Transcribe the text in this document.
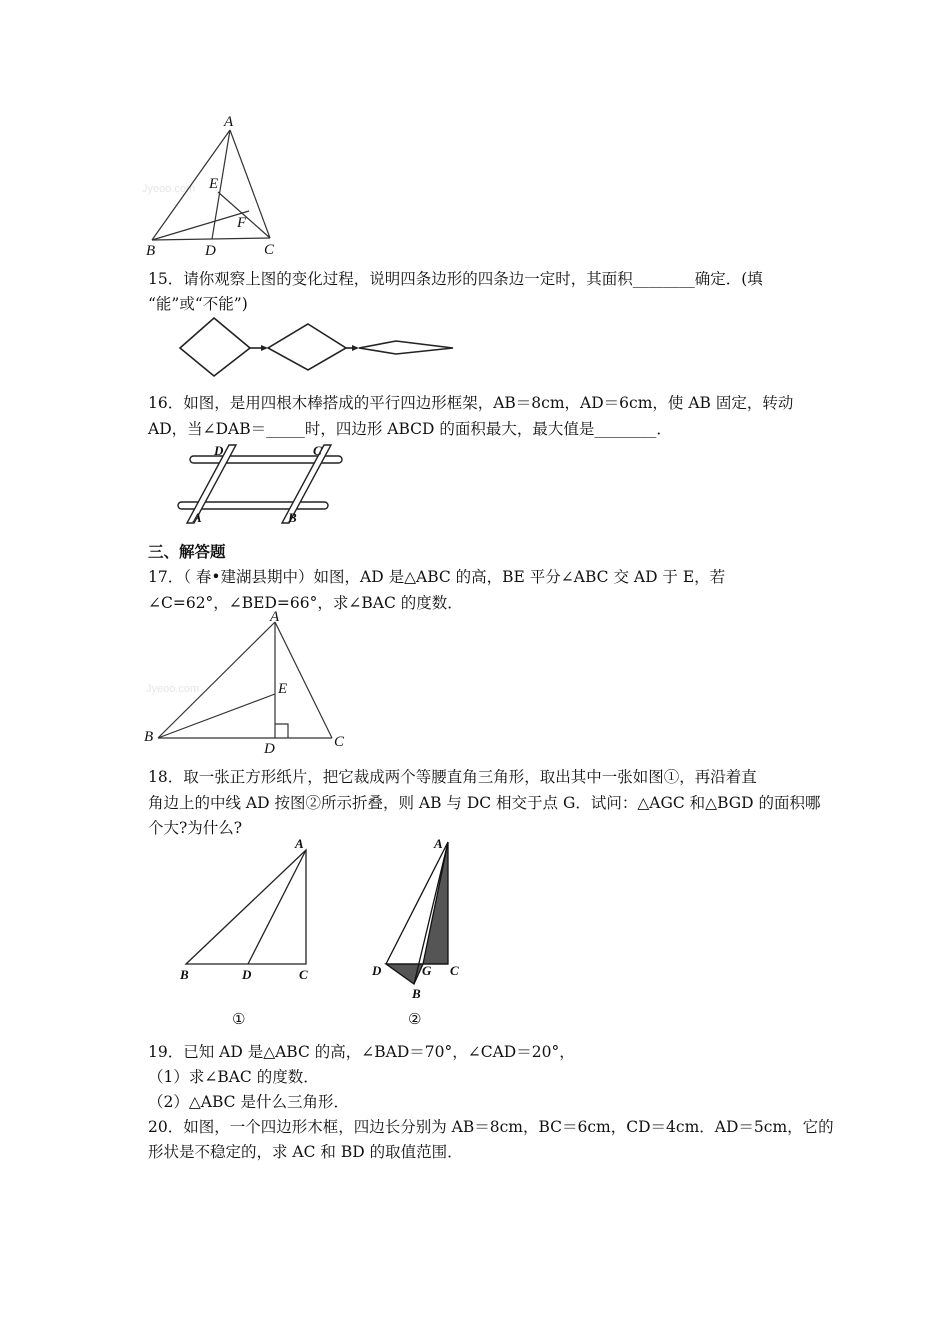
Jyeoo.com
A
E
F
B	D	C
15．请你观察上图的变化过程，说明四条边形的四条边一定时，其面积________确定．(填
“能”或“不能”)
16．如图，是用四根木棒搭成的平行四边形框架，AB＝8cm，AD＝6cm，使 AB 固定，转动
AD，当∠DAB＝_____时，四边形 ABCD 的面积最大，最大值是________．
D	C
A	B
三、解答题
17．（ 春•建湖县期中）如图，AD 是△ABC 的高，BE 平分∠ABC 交 AD 于 E，若
∠C=62°，∠BED=66°，求∠BAC 的度数．
Jyeoo.com
A
E
B
D	C
18．取一张正方形纸片，把它裁成两个等腰直角三角形，取出其中一张如图①，再沿着直
角边上的中线 AD 按图②所示折叠，则 AB 与 DC 相交于点 G．试问：△AGC 和△BGD 的面积哪
个大?为什么?
A
B	D	C
①
A
D	G C
B
②
19．已知 AD 是△ABC 的高，∠BAD＝70°，∠CAD＝20°，
（1）求∠BAC 的度数．
（2）△ABC 是什么三角形．
20．如图，一个四边形木框，四边长分别为 AB＝8cm，BC＝6cm，CD＝4cm．AD＝5cm，它的
形状是不稳定的，求 AC 和 BD 的取值范围．
